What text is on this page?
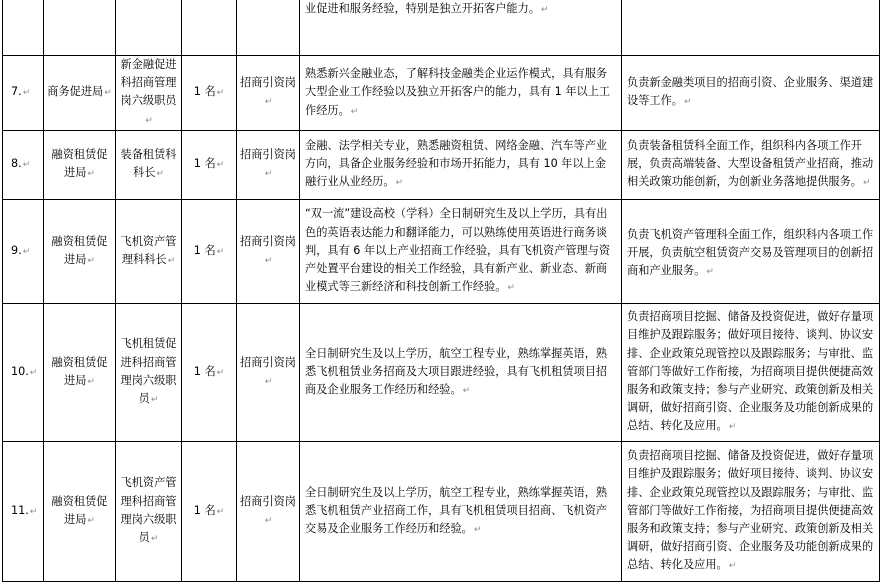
					业促进和服务经验，特别是独立开拓客户能力。↵	
7.↵	商务促进局↵	新金融促进科招商管理岗六级职员↵	1 名↵	招商引资岗↵	熟悉新兴金融业态，了解科技金融类企业运作模式，具有服务大型企业工作经验以及独立开拓客户的能力，具有 1 年以上工作经历。↵	负责新金融类项目的招商引资、企业服务、渠道建设等工作。↵
8.↵	融资租赁促进局↵	装备租赁科科长↵	1 名↵	招商引资岗↵	金融、法学相关专业，熟悉融资租赁、网络金融、汽车等产业方向，具备企业服务经验和市场开拓能力，具有 10 年以上金融行业从业经历。↵	负责装备租赁科全面工作，组织科内各项工作开展，负责高端装备、大型设备租赁产业招商，推动相关政策功能创新，为创新业务落地提供服务。↵
9.↵	融资租赁促进局↵	飞机资产管理科科长↵	1 名↵	招商引资岗↵	“双一流”建设高校（学科）全日制研究生及以上学历，具有出色的英语表达能力和翻译能力，可以熟练使用英语进行商务谈判，具有 6 年以上产业招商工作经验，具有飞机资产管理与资产处置平台建设的相关工作经验，具有新产业、新业态、新商业模式等三新经济和科技创新工作经验。↵	负责飞机资产管理科全面工作，组织科内各项工作开展，负责航空租赁资产交易及管理项目的创新招商和产业服务。↵
10.↵	融资租赁促进局↵	飞机租赁促进科招商管理岗六级职员↵	1 名↵	招商引资岗↵	全日制研究生及以上学历，航空工程专业，熟练掌握英语，熟悉飞机租赁业务招商及大项目跟进经验，具有飞机租赁项目招商及企业服务工作经历和经验。↵	负责招商项目挖掘、储备及投资促进，做好存量项目维护及跟踪服务；做好项目接待、谈判、协议安排、企业政策兑现管控以及跟踪服务；与审批、监管部门等做好工作衔接，为招商项目提供便捷高效服务和政策支持；参与产业研究、政策创新及相关调研，做好招商引资、企业服务及功能创新成果的总结、转化及应用。↵
11.↵	融资租赁促进局↵	飞机资产管理科招商管理岗六级职员↵	1 名↵	招商引资岗↵	全日制研究生及以上学历，航空工程专业，熟练掌握英语，熟悉飞机租赁产业招商工作，具有飞机租赁项目招商、飞机资产交易及企业服务工作经历和经验。↵	负责招商项目挖掘、储备及投资促进，做好存量项目维护及跟踪服务；做好项目接待、谈判、协议安排、企业政策兑现管控以及跟踪服务；与审批、监管部门等做好工作衔接，为招商项目提供便捷高效服务和政策支持；参与产业研究、政策创新及相关调研，做好招商引资、企业服务及功能创新成果的总结、转化及应用。↵
